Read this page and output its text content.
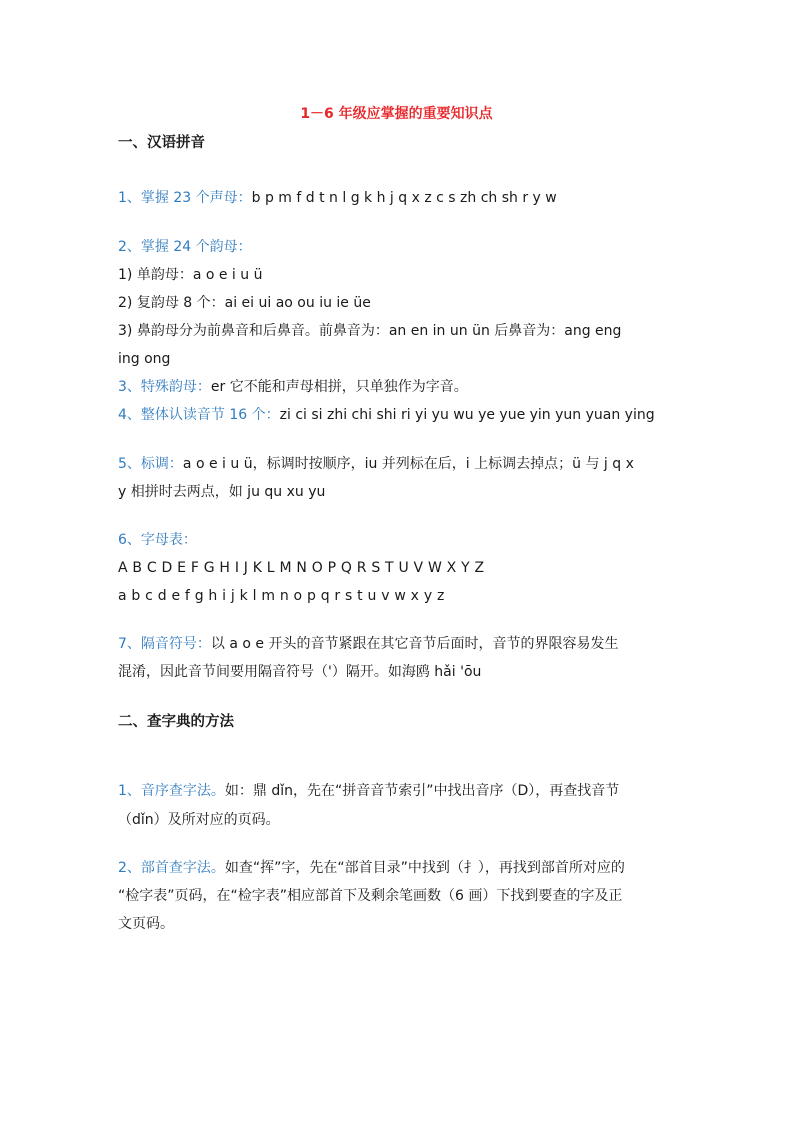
1－6 年级应掌握的重要知识点
一、汉语拼音
1、掌握 23 个声母：b p m f d t n l g k h j q x z c s zh ch sh r y w
2、掌握 24 个韵母：
1) 单韵母：a o e i u ü
2) 复韵母 8 个：ai ei ui ao ou iu ie üe
3) 鼻韵母分为前鼻音和后鼻音。前鼻音为：an en in un ün 后鼻音为：ang eng
ing ong
3、特殊韵母：er 它不能和声母相拼，只单独作为字音。
4、整体认读音节 16 个：zi ci si zhi chi shi ri yi yu wu ye yue yin yun yuan ying
5、标调：a o e i u ü，标调时按顺序，iu 并列标在后，i 上标调去掉点；ü 与 j q x
y 相拼时去两点，如 ju qu xu yu
6、字母表：
A B C D E F G H I J K L M N O P Q R S T U V W X Y Z
a b c d e f g h i j k l m n o p q r s t u v w x y z
7、隔音符号：以 a o e 开头的音节紧跟在其它音节后面时，音节的界限容易发生
混淆，因此音节间要用隔音符号（'）隔开。如海鸥 hǎi 'ōu
二、查字典的方法
1、音序查字法。如：鼎 dǐn，先在“拼音音节索引”中找出音序（D），再查找音节
（dǐn）及所对应的页码。
2、部首查字法。如查“挥”字，先在“部首目录”中找到（扌），再找到部首所对应的
“检字表”页码，在“检字表”相应部首下及剩余笔画数（6 画）下找到要查的字及正
文页码。
